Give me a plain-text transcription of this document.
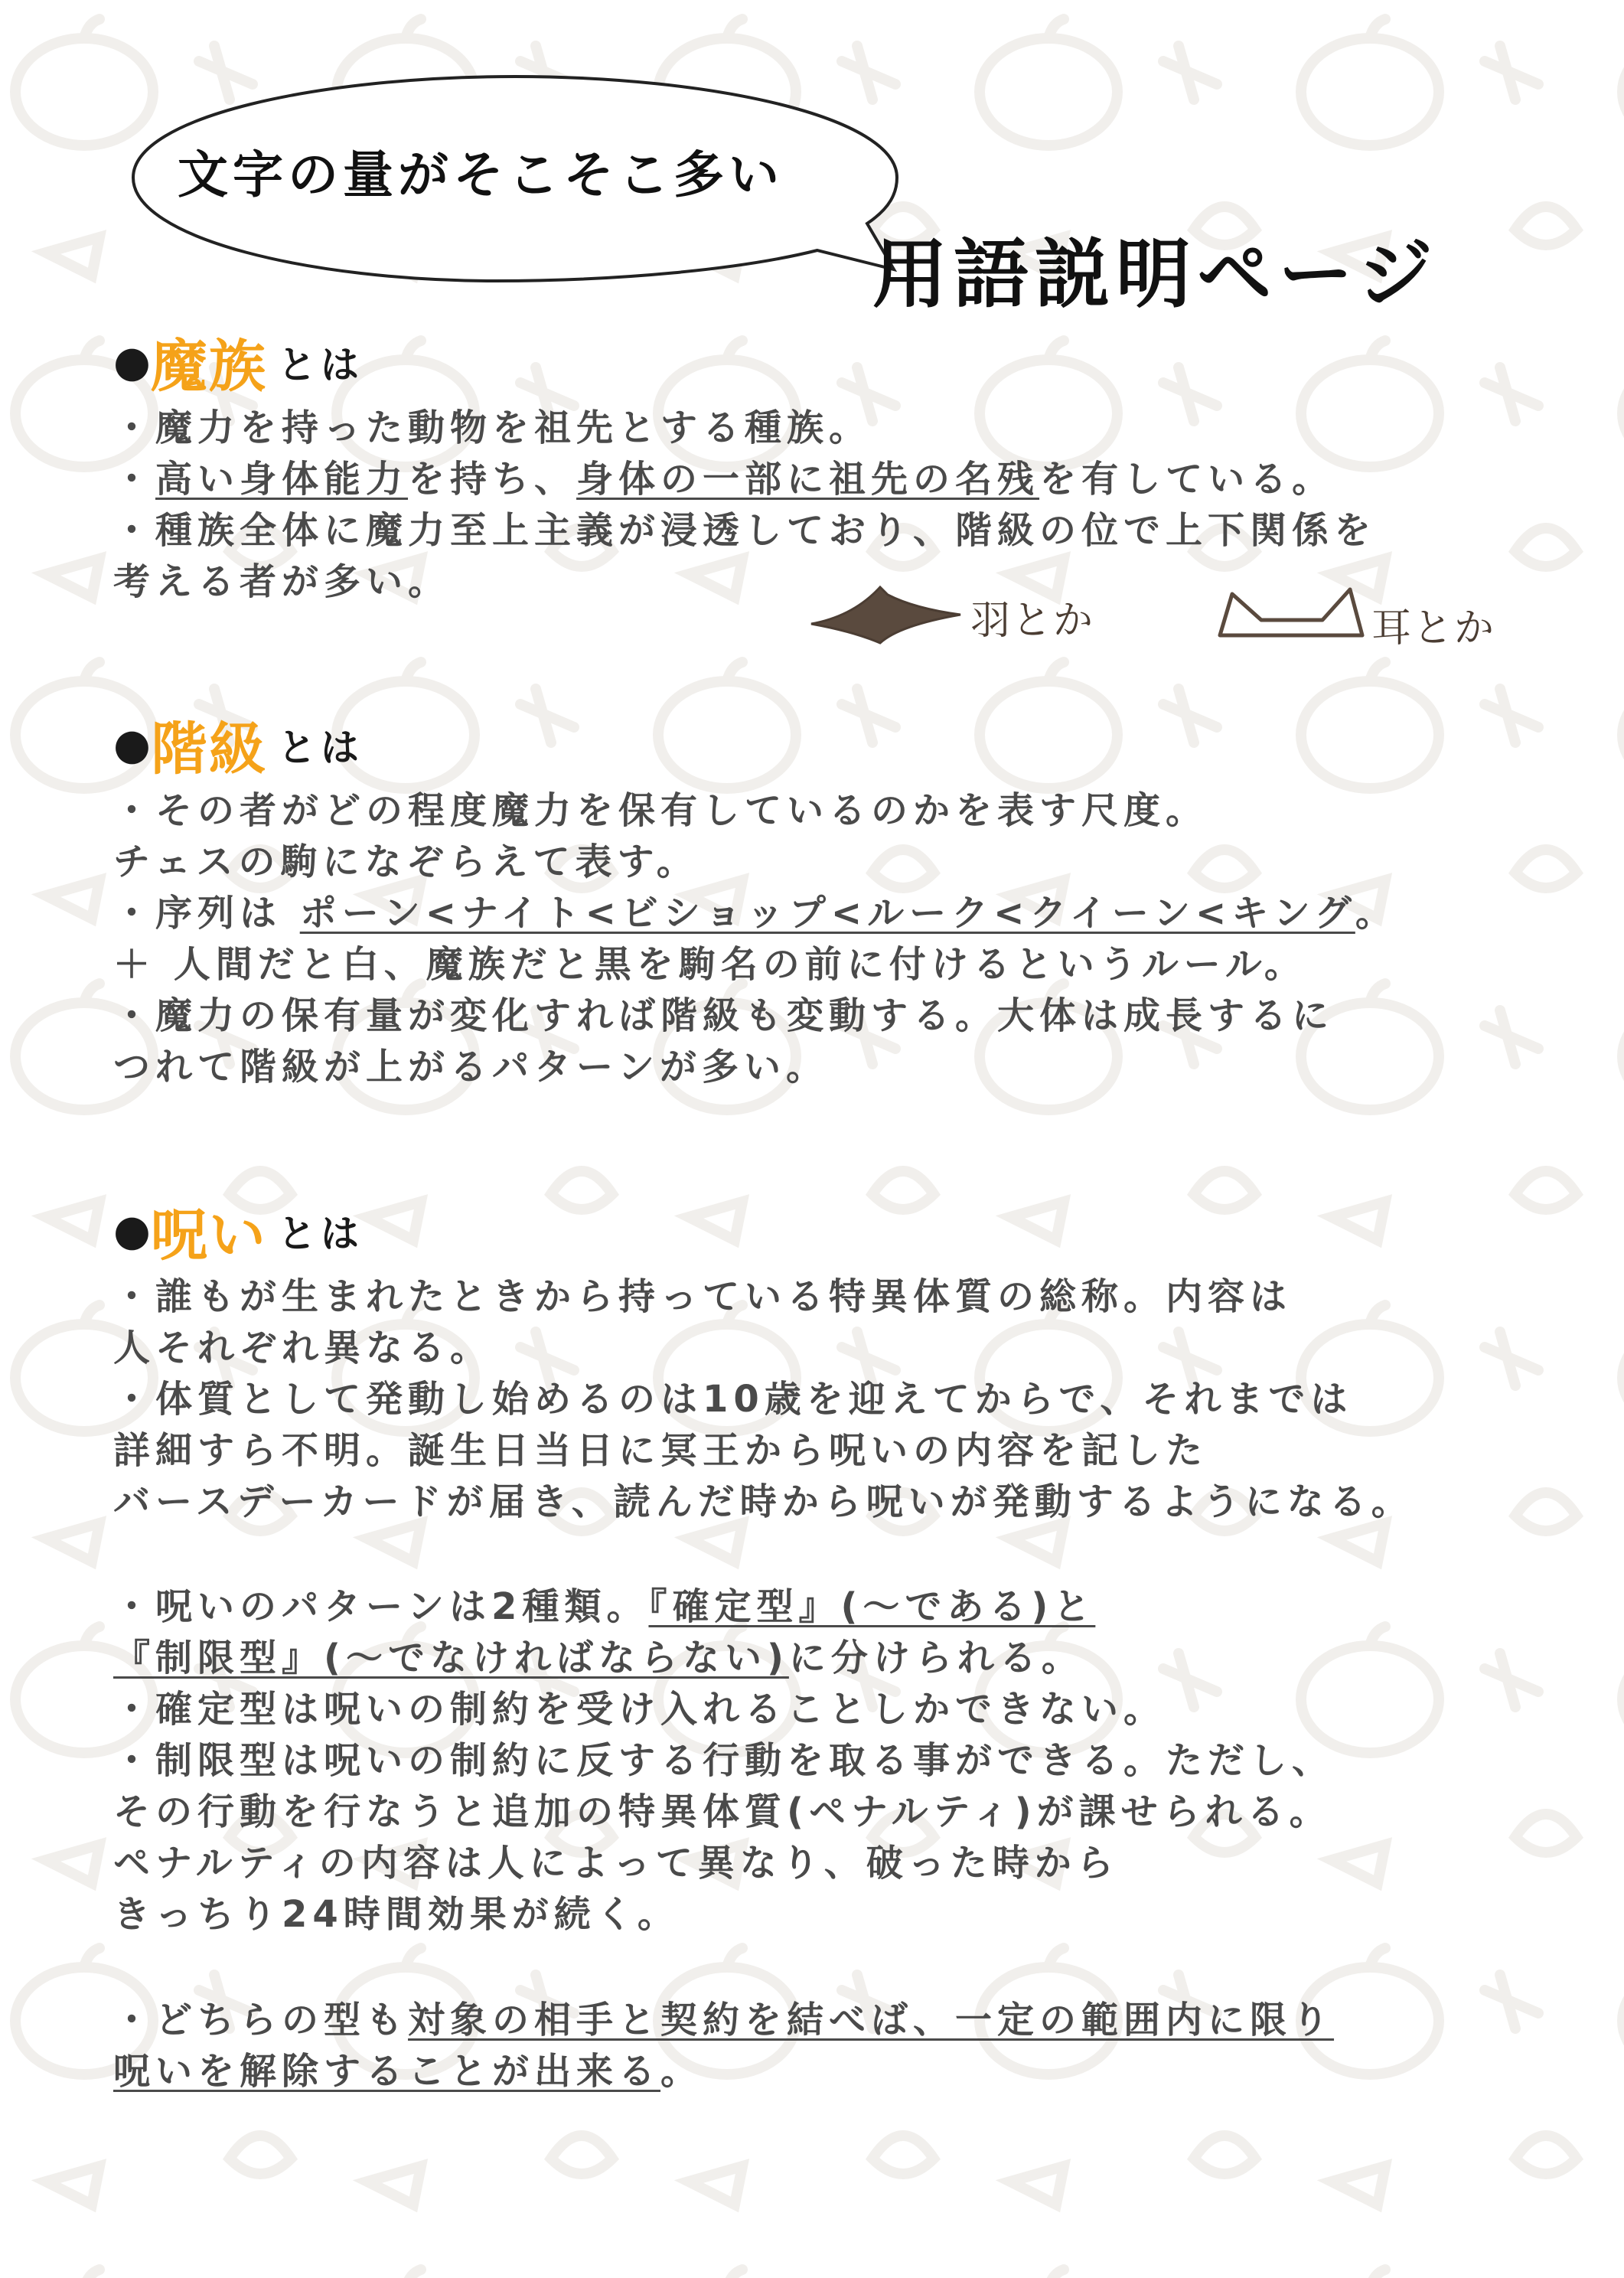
文字の量がそこそこ多い
用語説明ページ
●魔族 とは
・魔力を持った動物を祖先とする種族。
・高い身体能力を持ち、身体の一部に祖先の名残を有している。
・種族全体に魔力至上主義が浸透しており、階級の位で上下関係を
考える者が多い。
羽とか	耳とか
●階級 とは
・その者がどの程度魔力を保有しているのかを表す尺度。
チェスの駒になぞらえて表す。
・序列は ポーン<ナイト<ビショップ<ルーク<クイーン<キング。
＋ 人間だと白、魔族だと黒を駒名の前に付けるというルール。
・魔力の保有量が変化すれば階級も変動する。大体は成長するに
つれて階級が上がるパターンが多い。
●呪い とは
・誰もが生まれたときから持っている特異体質の総称。内容は
人それぞれ異なる。
・体質として発動し始めるのは10歳を迎えてからで、それまでは
詳細すら不明。誕生日当日に冥王から呪いの内容を記した
バースデーカードが届き、読んだ時から呪いが発動するようになる。
・呪いのパターンは2種類。『確定型』(～である)と
『制限型』(～でなければならない)に分けられる。
・確定型は呪いの制約を受け入れることしかできない。
・制限型は呪いの制約に反する行動を取る事ができる。ただし、
その行動を行なうと追加の特異体質(ペナルティ)が課せられる。
ペナルティの内容は人によって異なり、破った時から
きっちり24時間効果が続く。
・どちらの型も対象の相手と契約を結べば、一定の範囲内に限り
呪いを解除することが出来る。
